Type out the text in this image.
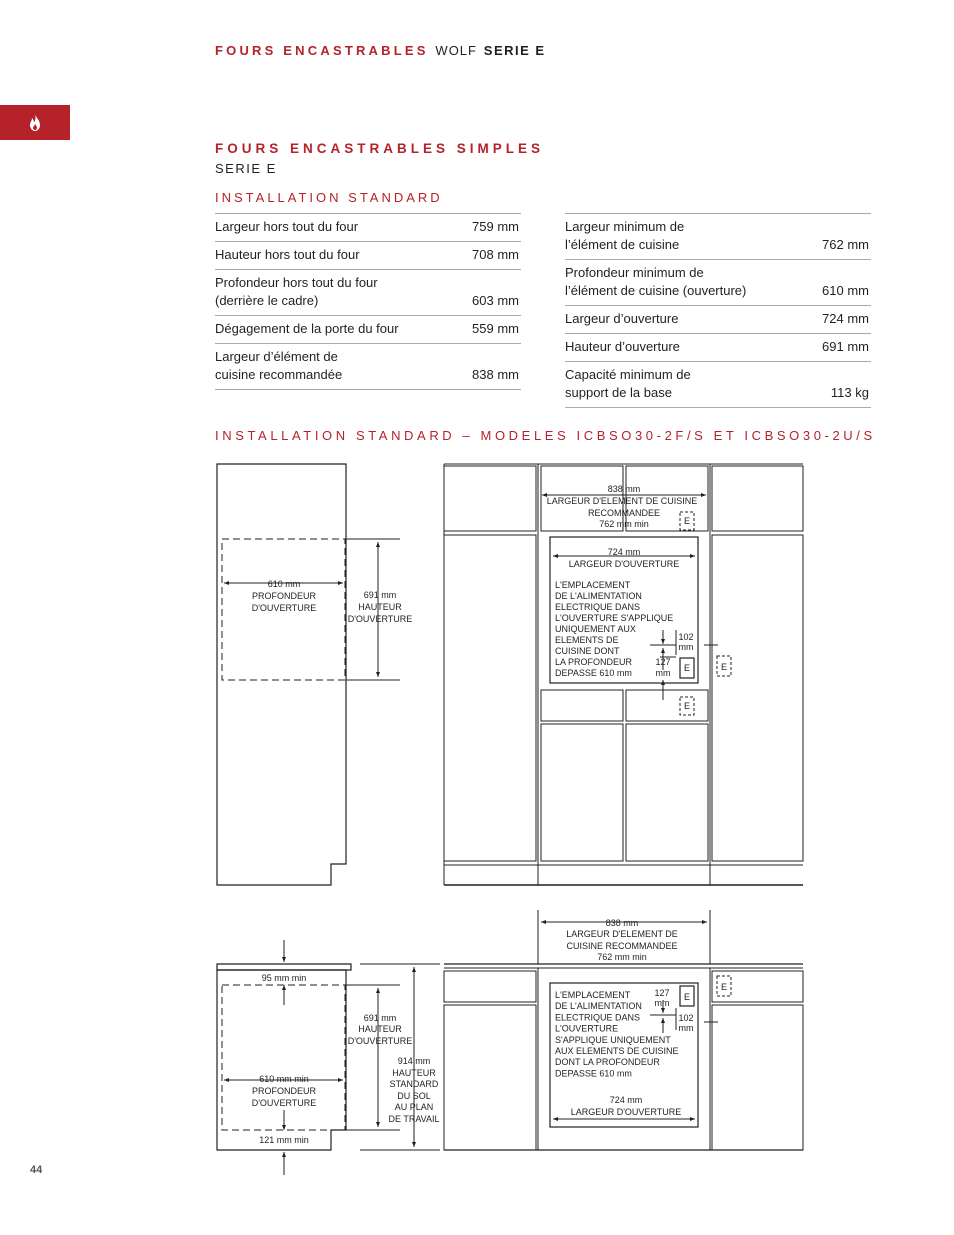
FOURS ENCASTRABLES WOLF SERIE E
FOURS ENCASTRABLES SIMPLES
SERIE E
INSTALLATION STANDARD
Largeur hors tout du four	759 mm
Hauteur hors tout du four	708 mm
Profondeur hors tout du four
(derrière le cadre)	603 mm
Dégagement de la porte du four	559 mm
Largeur d’élément de
cuisine recommandée	838 mm
Largeur minimum de
l’élément de cuisine	762 mm
Profondeur minimum de
l’élément de cuisine (ouverture)	610 mm
Largeur d’ouverture	724 mm
Hauteur d’ouverture	691 mm
Capacité minimum de
support de la base	113 kg
INSTALLATION STANDARD – MODELES ICBSO30-2F/S ET ICBSO30-2U/S
610 mm
PROFONDEUR
D'OUVERTURE
691 mm
HAUTEUR
D'OUVERTURE
838 mm
LARGEUR D'ELEMENT DE CUISINE
RECOMMANDEE
762 mm min
724 mm
LARGEUR D'OUVERTURE
E
E
E
E
102
mm
127
mm
L'EMPLACEMENT
DE L'ALIMENTATION
ELECTRIQUE DANS
L'OUVERTURE S'APPLIQUE
UNIQUEMENT AUX
ELEMENTS DE
CUISINE DONT
LA PROFONDEUR
DEPASSE 610 mm
95 mm min
691 mm
HAUTEUR
D'OUVERTURE
914 mm
HAUTEUR
STANDARD
DU SOL
AU PLAN
DE TRAVAIL
610 mm min
PROFONDEUR
D'OUVERTURE
121 mm min
838 mm
LARGEUR D'ELEMENT DE
CUISINE RECOMMANDEE
762 mm min
127
mm
102
mm
E
E
724 mm
LARGEUR D'OUVERTURE
L'EMPLACEMENT
DE L'ALIMENTATION
ELECTRIQUE DANS
L'OUVERTURE
S'APPLIQUE UNIQUEMENT
AUX ELEMENTS DE CUISINE
DONT LA PROFONDEUR
DEPASSE 610 mm
44
